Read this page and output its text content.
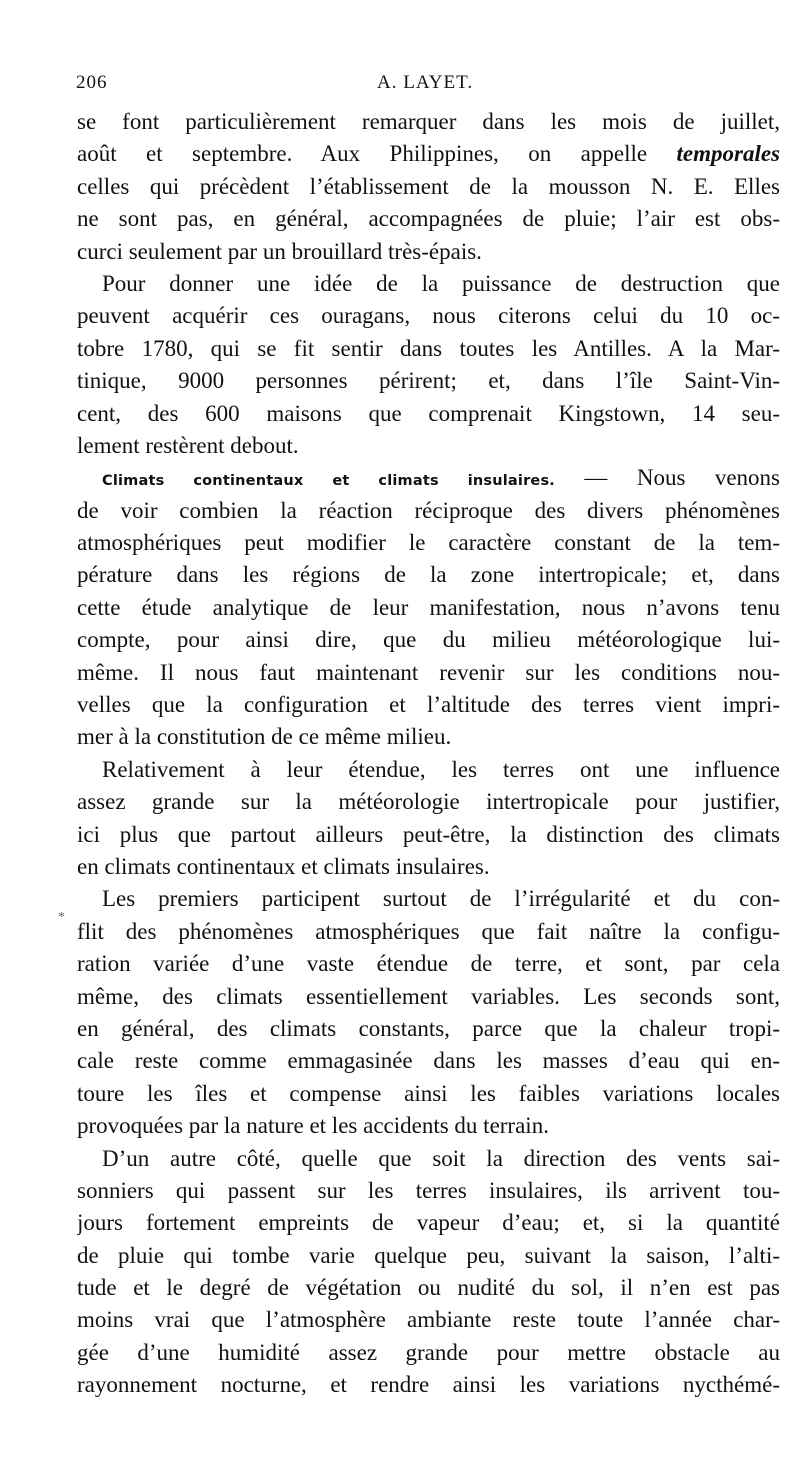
206	A. LAYET.
*
se font particulièrement remarquer dans les mois de juillet,
août et septembre. Aux Philippines, on appelle temporales
celles qui précèdent l’établissement de la mousson N. E. Elles
ne sont pas, en général, accompagnées de pluie; l’air est obs-
curci seulement par un brouillard très-épais.
Pour donner une idée de la puissance de destruction que
peuvent acquérir ces ouragans, nous citerons celui du 10 oc-
tobre 1780, qui se fit sentir dans toutes les Antilles. A la Mar-
tinique, 9000 personnes périrent; et, dans l’île Saint-Vin-
cent, des 600 maisons que comprenait Kingstown, 14 seu-
lement restèrent debout.
Climats continentaux et climats insulaires. — Nous venons
de voir combien la réaction réciproque des divers phénomènes
atmosphériques peut modifier le caractère constant de la tem-
pérature dans les régions de la zone intertropicale; et, dans
cette étude analytique de leur manifestation, nous n’avons tenu
compte, pour ainsi dire, que du milieu météorologique lui-
même. Il nous faut maintenant revenir sur les conditions nou-
velles que la configuration et l’altitude des terres vient impri-
mer à la constitution de ce même milieu.
Relativement à leur étendue, les terres ont une influence
assez grande sur la météorologie intertropicale pour justifier,
ici plus que partout ailleurs peut-être, la distinction des climats
en climats continentaux et climats insulaires.
Les premiers participent surtout de l’irrégularité et du con-
flit des phénomènes atmosphériques que fait naître la configu-
ration variée d’une vaste étendue de terre, et sont, par cela
même, des climats essentiellement variables. Les seconds sont,
en général, des climats constants, parce que la chaleur tropi-
cale reste comme emmagasinée dans les masses d’eau qui en-
toure les îles et compense ainsi les faibles variations locales
provoquées par la nature et les accidents du terrain.
D’un autre côté, quelle que soit la direction des vents sai-
sonniers qui passent sur les terres insulaires, ils arrivent tou-
jours fortement empreints de vapeur d’eau; et, si la quantité
de pluie qui tombe varie quelque peu, suivant la saison, l’alti-
tude et le degré de végétation ou nudité du sol, il n’en est pas
moins vrai que l’atmosphère ambiante reste toute l’année char-
gée d’une humidité assez grande pour mettre obstacle au
rayonnement nocturne, et rendre ainsi les variations nycthémé-
